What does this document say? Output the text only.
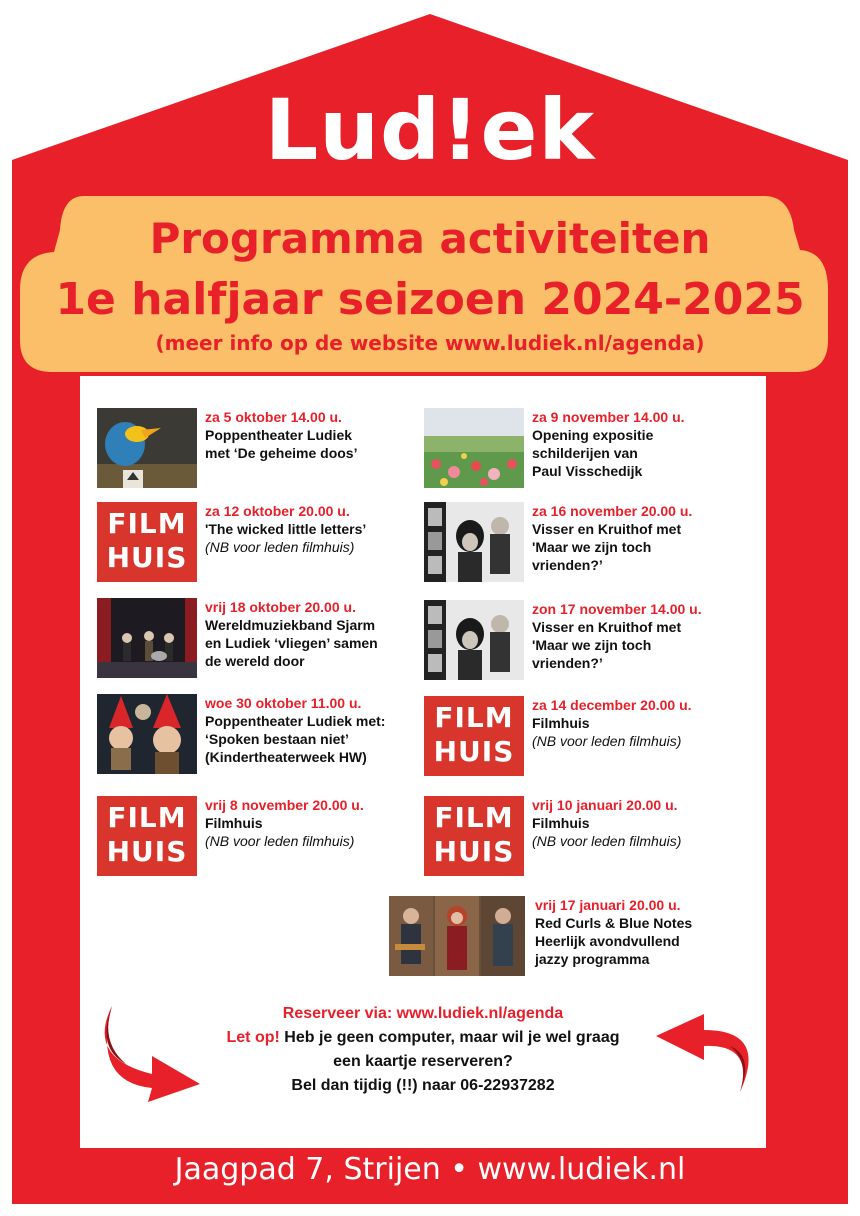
Lud!ek
Programma activiteiten
1e halfjaar seizoen 2024-2025
(meer info op de website www.ludiek.nl/agenda)
za 5 oktober 14.00 u.
Poppentheater Ludiek
met ‘De geheime doos’
FILM
HUIS
za 12 oktober 20.00 u.
'The wicked little letters’
(NB voor leden filmhuis)
vrij 18 oktober 20.00 u.
Wereldmuziekband Sjarm
en Ludiek ‘vliegen’ samen
de wereld door
woe 30 oktober 11.00 u.
Poppentheater Ludiek met:
‘Spoken bestaan niet’
(Kindertheaterweek HW)
FILM
HUIS
vrij 8 november 20.00 u.
Filmhuis
(NB voor leden filmhuis)
za 9 november 14.00 u.
Opening expositie
schilderijen van
Paul Visschedijk
za 16 november 20.00 u.
Visser en Kruithof met
'Maar we zijn toch
vrienden?’
zon 17 november 14.00 u.
Visser en Kruithof met
'Maar we zijn toch
vrienden?’
FILM
HUIS
za 14 december 20.00 u.
Filmhuis
(NB voor leden filmhuis)
FILM
HUIS
vrij 10 januari 20.00 u.
Filmhuis
(NB voor leden filmhuis)
vrij 17 januari 20.00 u.
Red Curls & Blue Notes
Heerlijk avondvullend
jazzy programma
Reserveer via: www.ludiek.nl/agenda
Let op! Heb je geen computer, maar wil je wel graag
een kaartje reserveren?
Bel dan tijdig (!!) naar 06-22937282
Jaagpad 7, Strijen • www.ludiek.nl
